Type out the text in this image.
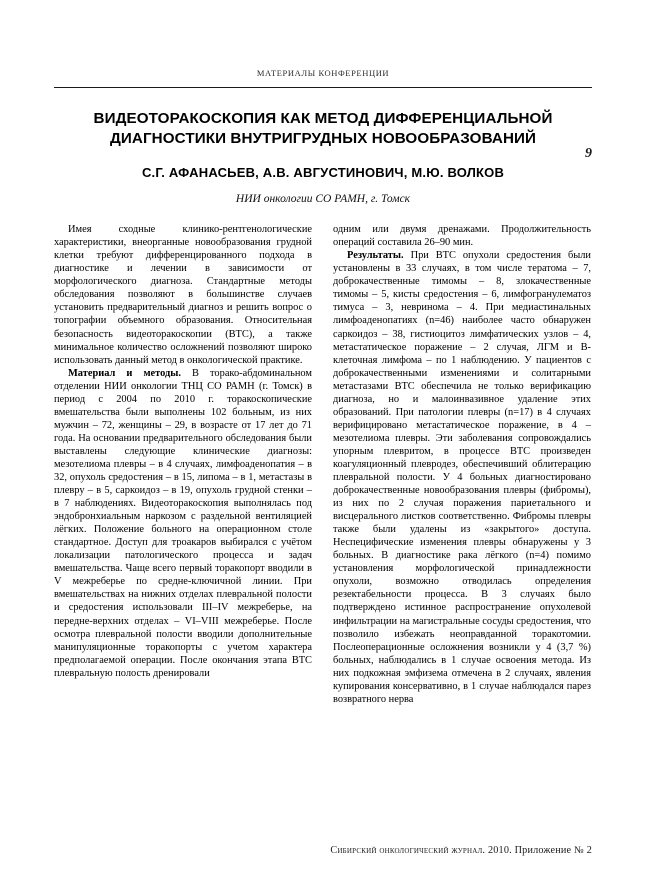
МАТЕРИАЛЫ КОНФЕРЕНЦИИ
9
ВИДЕОТОРАКОСКОПИЯ КАК МЕТОД ДИФФЕРЕНЦИАЛЬНОЙ
ДИАГНОСТИКИ ВНУТРИГРУДНЫХ НОВООБРАЗОВАНИЙ
С.Г. АФАНАСЬЕВ, А.В. АВГУСТИНОВИЧ, М.Ю. ВОЛКОВ
НИИ онкологии СО РАМН, г. Томск

Имея сходные клинико-рентгенологические характеристики, внеорганные новообразования грудной клетки требуют дифференцированного подхода в диагностике и лечении в зависимости от морфологического диагноза. Стандартные методы обследования позволяют в большинстве случаев установить предварительный диагноз и решить вопрос о топографии объемного образования. Относительная безопасность видеоторакоскопии (ВТС), а также минимальное количество осложнений позволяют широко использовать данный метод в онкологической практике.

Материал и методы. В торако-абдоминальном отделении НИИ онкологии ТНЦ СО РАМН (г. Томск) в период с 2004 по 2010 г. торакоскопические вмешательства были выполнены 102 больным, из них мужчин – 72, женщины – 29, в возрасте от 17 лет до 71 года. На основании предварительного обследования были выставлены следующие клинические диагнозы: мезотелиома плевры – в 4 случаях, лимфоаденопатия – в 32, опухоль средостения – в 15, липома – в 1, метастазы в плевру – в 5, саркоидоз – в 19, опухоль грудной стенки – в 7 наблюдениях. Видеоторакоскопия выполнялась под эндобронхиальным наркозом с раздельной вентиляцией лёгких. Положение больного на операционном столе стандартное. Доступ для троакаров выбирался с учётом локализации патологического процесса и задач вмешательства. Чаще всего первый торакопорт вводили в V межреберье по средне-ключичной линии. При вмешательствах на нижних отделах плевральной полости и средостения использовали III–IV межреберье, на передне-верхних отделах – VI–VIII межреберье. После осмотра плевральной полости вводили дополнительные манипуляционные торакопорты с учетом характера предполагаемой операции. После окончания этапа ВТС плевральную полость дренировали

одним или двумя дренажами. Продолжительность операций составила 26–90 мин.

Результаты. При ВТС опухоли средостения были установлены в 33 случаях, в том числе тератома – 7, доброкачественные тимомы – 8, злокачественные тимомы – 5, кисты средостения – 6, лимфогранулематоз тимуса – 3, невринома – 4. При медиастинальных лимфоаденопатиях (n=46) наиболее часто обнаружен саркоидоз – 38, гистиоцитоз лимфатических узлов – 4, метастатическое поражение – 2 случая, ЛГМ и В-клеточная лимфома – по 1 наблюдению. У пациентов с доброкачественными изменениями и солитарными метастазами ВТС обеспечила не только верификацию диагноза, но и малоинвазивное удаление этих образований. При патологии плевры (n=17) в 4 случаях верифицировано метастатическое поражение, в 4 – мезотелиома плевры. Эти заболевания сопровождались упорным плевритом, в процессе ВТС произведен коагуляционный плевродез, обеспечивший облитерацию плевральной полости. У 4 больных диагностировано доброкачественные новообразования плевры (фибромы), из них по 2 случая поражения париетального и висцерального листков соответственно. Фибромы плевры также были удалены из «закрытого» доступа. Неспецифические изменения плевры обнаружены у 3 больных. В диагностике рака лёгкого (n=4) помимо установления морфологической принадлежности опухоли, возможно отводилась определения резектабельности процесса. В 3 случаях было подтверждено истинное распространение опухолевой инфильтрации на магистральные сосуды средостения, что позволило избежать неоправданной торакотомии. Послеоперационные осложнения возникли у 4 (3,7 %) больных, наблюдались в 1 случае освоения метода. Из них подкожная эмфизема отмечена в 2 случаях, явления купирования консервативно, в 1 случае наблюдался парез возвратного нерва

Сибирский онкологический журнал. 2010. Приложение № 2
